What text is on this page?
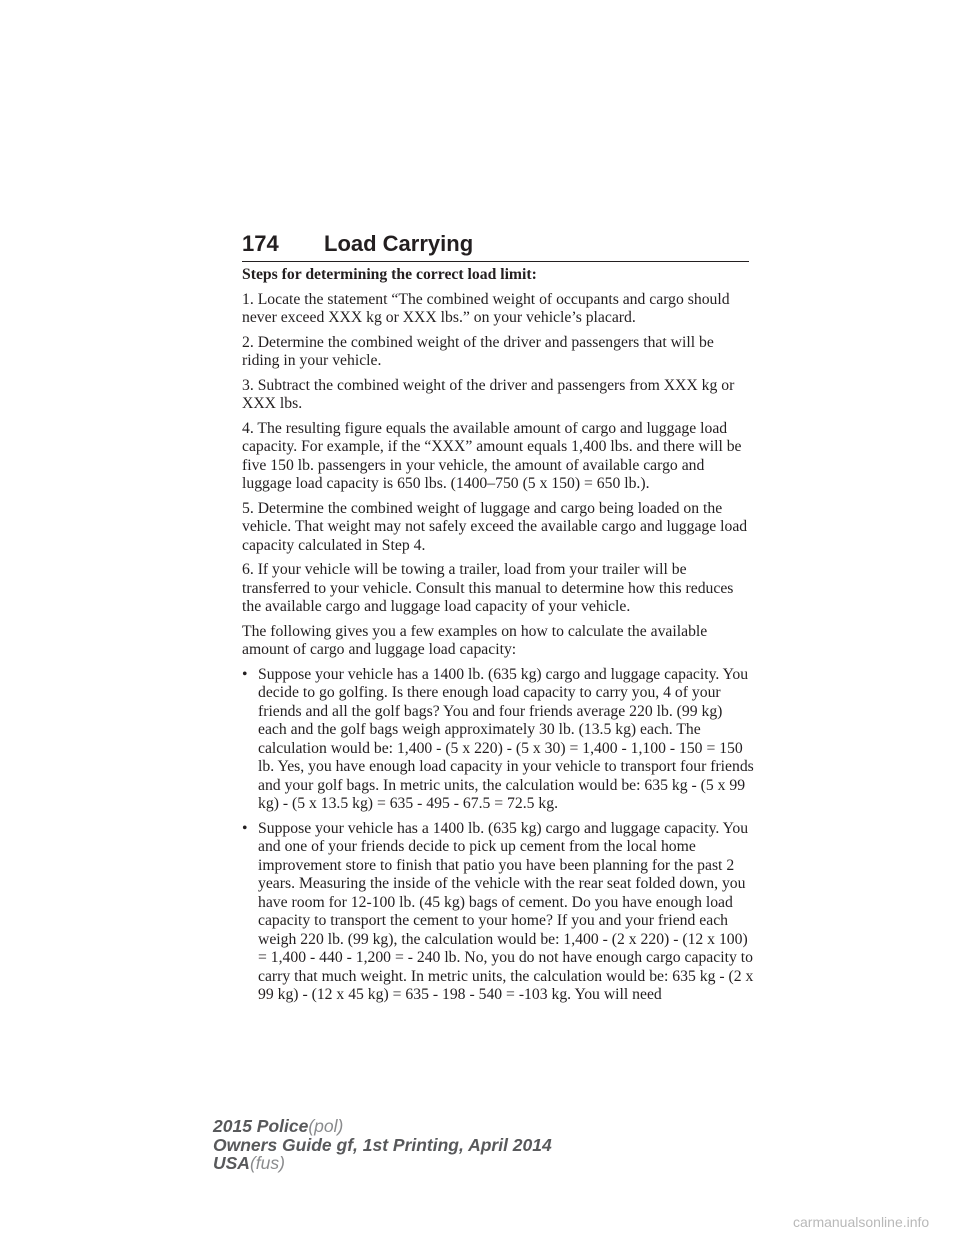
174 Load Carrying

Steps for determining the correct load limit:

1. Locate the statement “The combined weight of occupants and cargo should never exceed XXX kg or XXX lbs.” on your vehicle’s placard.

2. Determine the combined weight of the driver and passengers that will be riding in your vehicle.

3. Subtract the combined weight of the driver and passengers from XXX kg or XXX lbs.

4. The resulting figure equals the available amount of cargo and luggage load capacity. For example, if the “XXX” amount equals 1,400 lbs. and there will be five 150 lb. passengers in your vehicle, the amount of available cargo and luggage load capacity is 650 lbs. (1400–750 (5 x 150) = 650 lb.).

5. Determine the combined weight of luggage and cargo being loaded on the vehicle. That weight may not safely exceed the available cargo and luggage load capacity calculated in Step 4.

6. If your vehicle will be towing a trailer, load from your trailer will be transferred to your vehicle. Consult this manual to determine how this reduces the available cargo and luggage load capacity of your vehicle.

The following gives you a few examples on how to calculate the available amount of cargo and luggage load capacity:

• Suppose your vehicle has a 1400 lb. (635 kg) cargo and luggage capacity. You decide to go golfing. Is there enough load capacity to carry you, 4 of your friends and all the golf bags? You and four friends average 220 lb. (99 kg) each and the golf bags weigh approximately 30 lb. (13.5 kg) each. The calculation would be: 1,400 - (5 x 220) - (5 x 30) = 1,400 - 1,100 - 150 = 150 lb. Yes, you have enough load capacity in your vehicle to transport four friends and your golf bags. In metric units, the calculation would be: 635 kg - (5 x 99 kg) - (5 x 13.5 kg) = 635 - 495 - 67.5 = 72.5 kg.
• Suppose your vehicle has a 1400 lb. (635 kg) cargo and luggage capacity. You and one of your friends decide to pick up cement from the local home improvement store to finish that patio you have been planning for the past 2 years. Measuring the inside of the vehicle with the rear seat folded down, you have room for 12-100 lb. (45 kg) bags of cement. Do you have enough load capacity to transport the cement to your home? If you and your friend each weigh 220 lb. (99 kg), the calculation would be: 1,400 - (2 x 220) - (12 x 100) = 1,400 - 440 - 1,200 = - 240 lb. No, you do not have enough cargo capacity to carry that much weight. In metric units, the calculation would be: 635 kg - (2 x 99 kg) - (12 x 45 kg) = 635 - 198 - 540 = -103 kg. You will need
2015 Police(pol)
Owners Guide gf, 1st Printing, April 2014
USA(fus)
carmanualsonline.info
